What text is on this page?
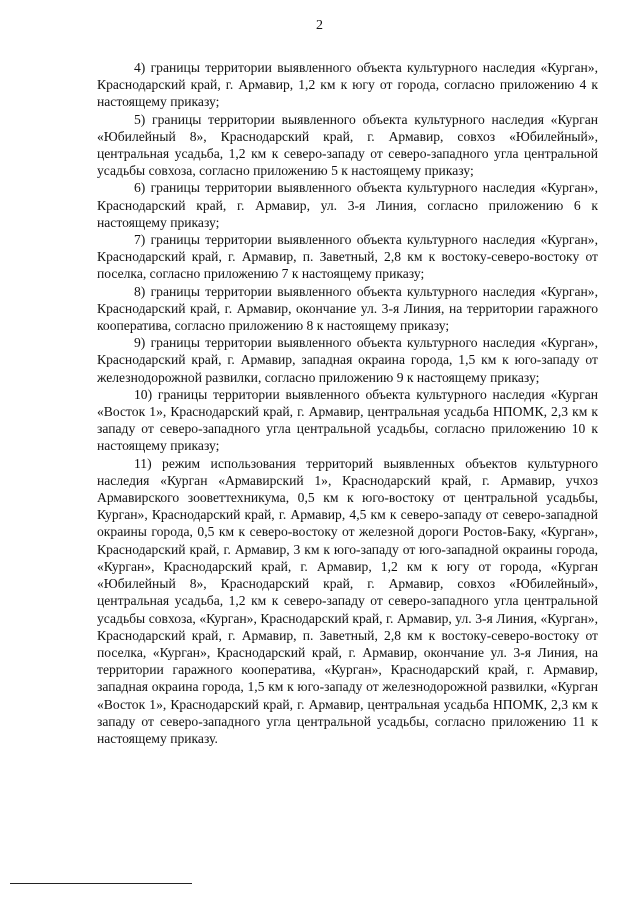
2

4) границы территории выявленного объекта культурного наследия «Курган», Краснодарский край, г. Армавир, 1,2 км к югу от города, согласно приложению 4 к настоящему приказу;

5) границы территории выявленного объекта культурного наследия «Курган «Юбилейный 8», Краснодарский край, г. Армавир, совхоз «Юбилейный», центральная усадьба, 1,2 км к северо-западу от северо-западного угла центральной усадьбы совхоза, согласно приложению 5 к настоящему приказу;

6) границы территории выявленного объекта культурного наследия «Курган», Краснодарский край, г. Армавир, ул. 3-я Линия, согласно приложению 6 к настоящему приказу;

7) границы территории выявленного объекта культурного наследия «Курган», Краснодарский край, г. Армавир, п. Заветный, 2,8 км к востоку-северо-востоку от поселка, согласно приложению 7 к настоящему приказу;

8) границы территории выявленного объекта культурного наследия «Курган», Краснодарский край, г. Армавир, окончание ул. 3-я Линия, на территории гаражного кооператива, согласно приложению 8 к настоящему приказу;

9) границы территории выявленного объекта культурного наследия «Курган», Краснодарский край, г. Армавир, западная окраина города, 1,5 км к юго-западу от железнодорожной развилки, согласно приложению 9 к настоящему приказу;

10) границы территории выявленного объекта культурного наследия «Курган «Восток 1», Краснодарский край, г. Армавир, центральная усадьба НПОМК, 2,3 км к западу от северо-западного угла центральной усадьбы, согласно приложению 10 к настоящему приказу;

11) режим использования территорий выявленных объектов культурного наследия «Курган «Армавирский 1», Краснодарский край, г. Армавир, учхоз Армавирского зооветтехникума, 0,5 км к юго-востоку от центральной усадьбы, Курган», Краснодарский край, г. Армавир, 4,5 км к северо-западу от северо-западной окраины города, 0,5 км к северо-востоку от железной дороги Ростов-Баку, «Курган», Краснодарский край, г. Армавир, 3 км к юго-западу от юго-западной окраины города, «Курган», Краснодарский край, г. Армавир, 1,2 км к югу от города, «Курган «Юбилейный 8», Краснодарский край, г. Армавир, совхоз «Юбилейный», центральная усадьба, 1,2 км к северо-западу от северо-западного угла центральной усадьбы совхоза, «Курган», Краснодарский край, г. Армавир, ул. 3-я Линия, «Курган», Краснодарский край, г. Армавир, п. Заветный, 2,8 км к востоку-северо-востоку от поселка, «Курган», Краснодарский край, г. Армавир, окончание ул. 3-я Линия, на территории гаражного кооператива, «Курган», Краснодарский край, г. Армавир, западная окраина города, 1,5 км к юго-западу от железнодорожной развилки, «Курган «Восток 1», Краснодарский край, г. Армавир, центральная усадьба НПОМК, 2,3 км к западу от северо-западного угла центральной усадьбы, согласно приложению 11 к настоящему приказу.
